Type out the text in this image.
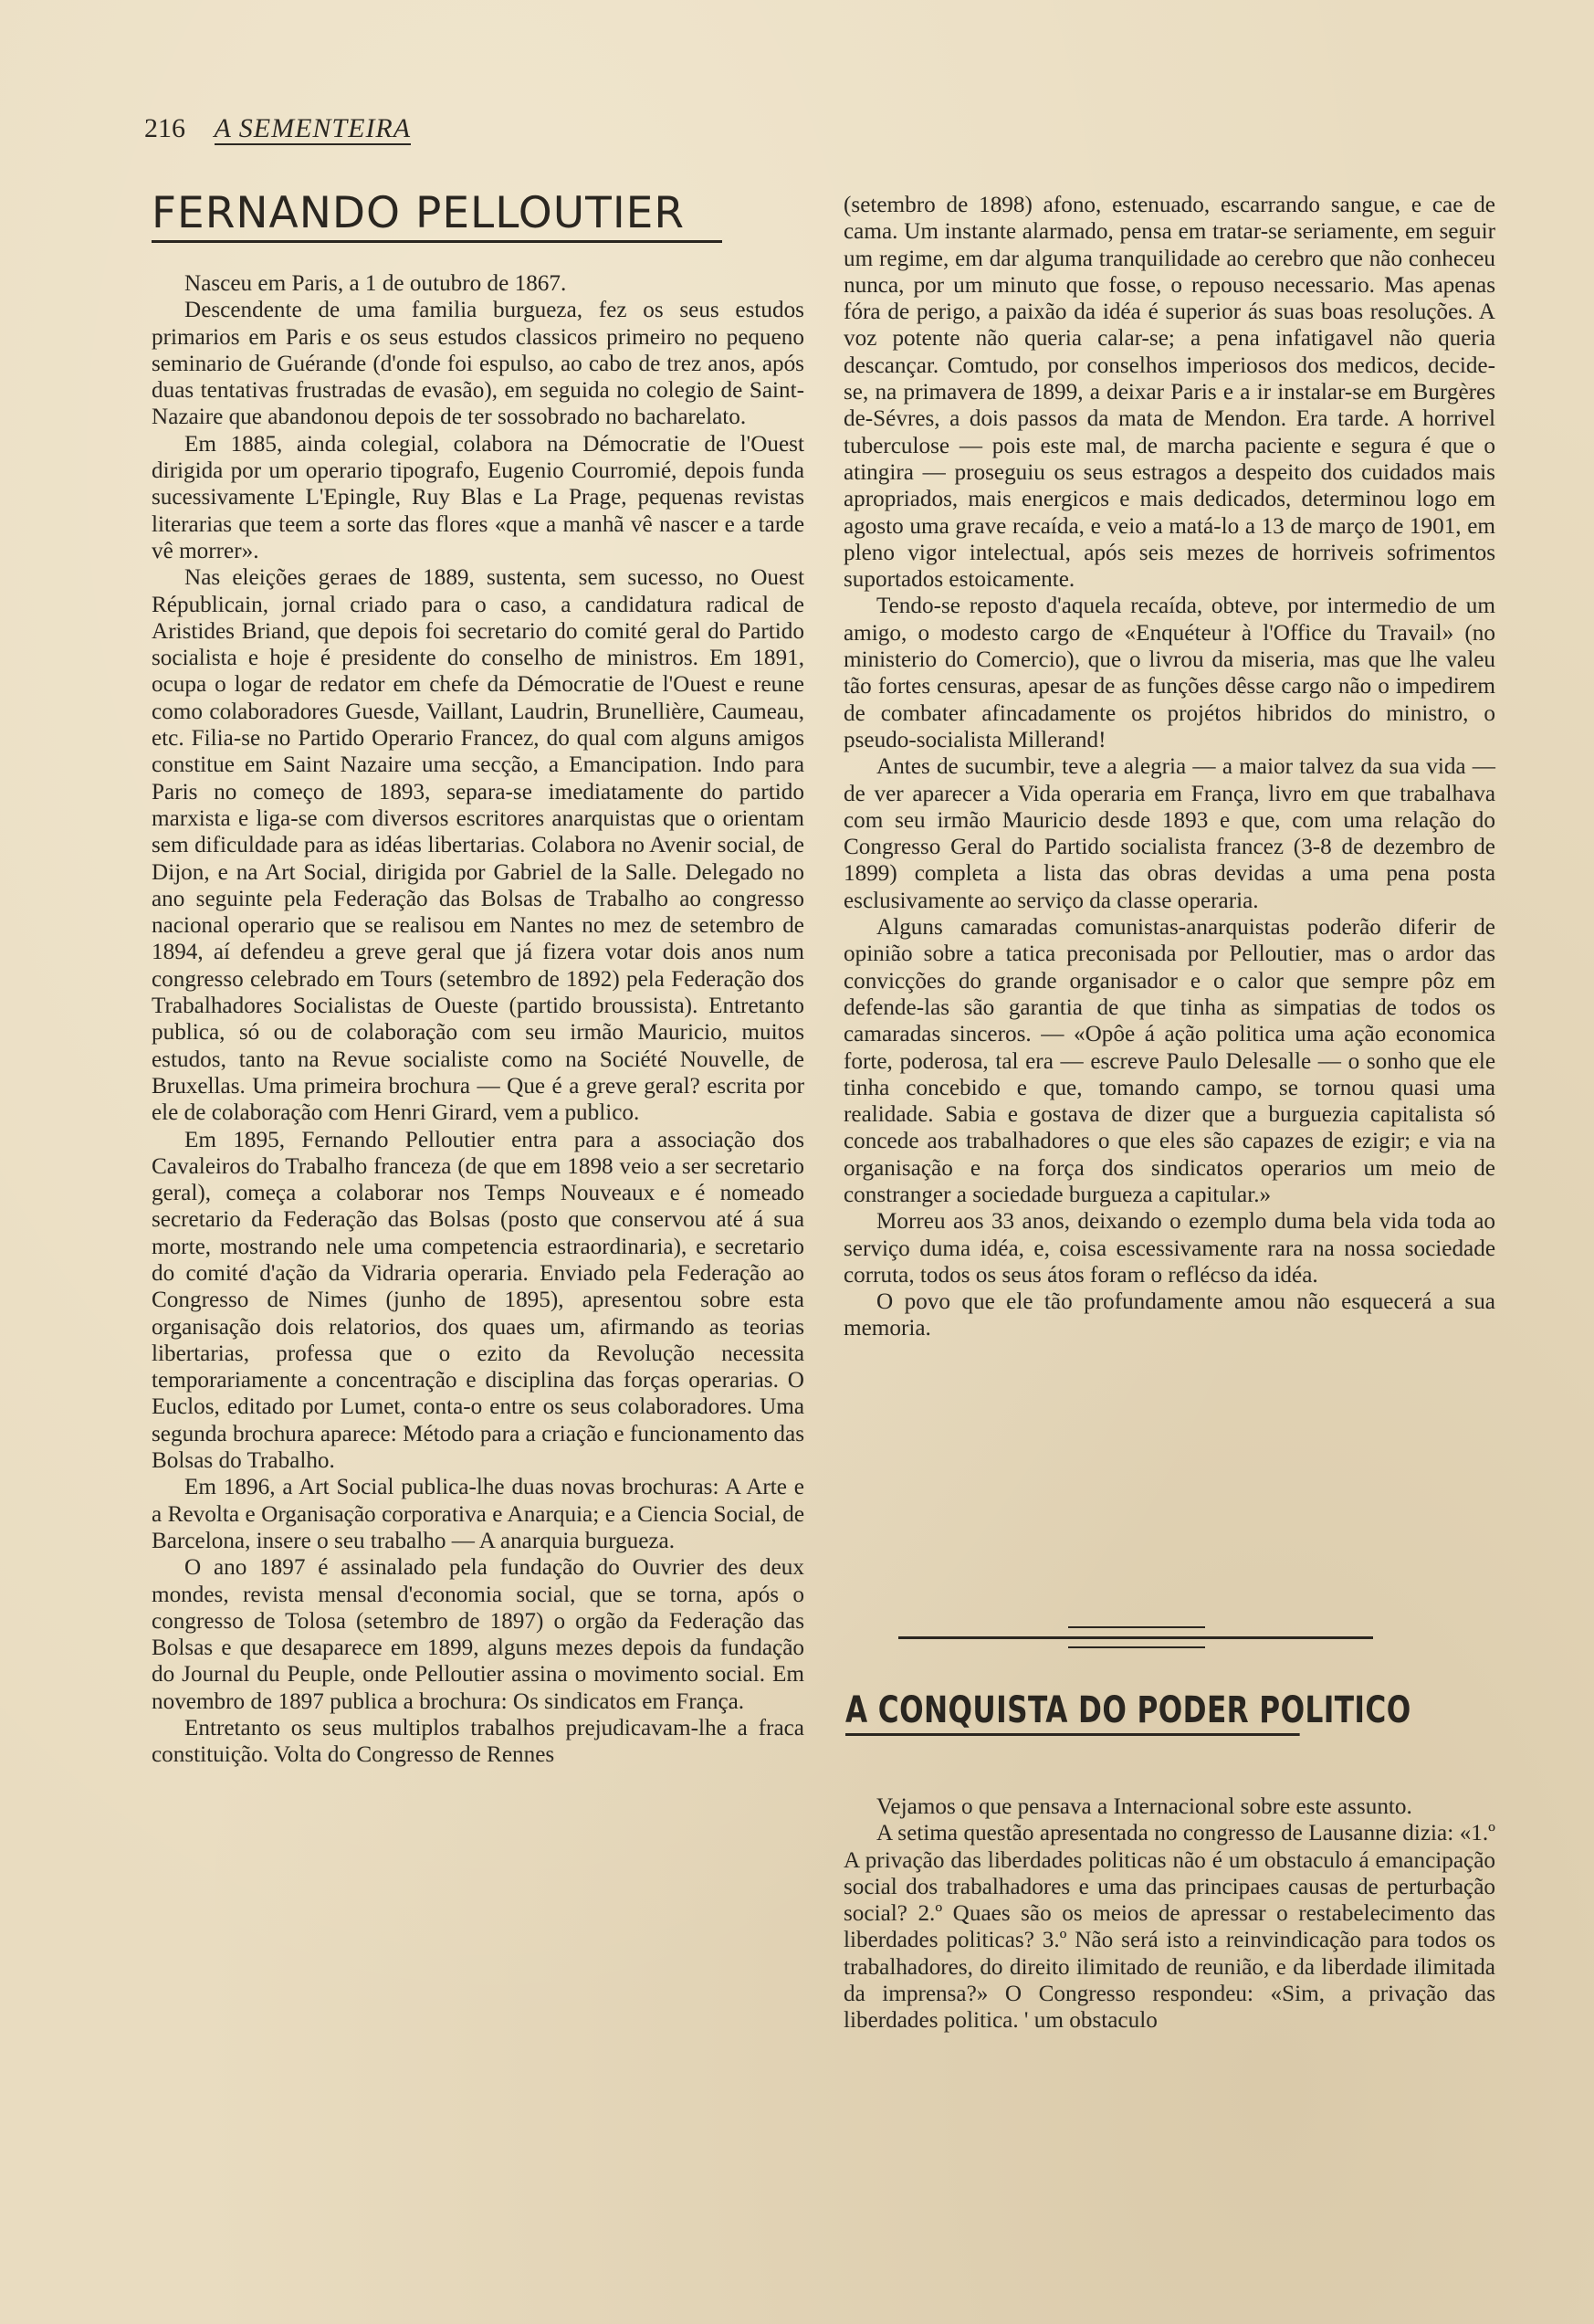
216 A SEMENTEIRA
FERNANDO PELLOUTIER

Nasceu em Paris, a 1 de outubro de 1867.

Descendente de uma familia burgueza, fez os seus estudos primarios em Paris e os seus estudos classicos primeiro no pequeno seminario de Guérande (d'onde foi espulso, ao cabo de trez anos, após duas tentativas frustradas de evasão), em seguida no colegio de Saint-Nazaire que abandonou depois de ter sossobrado no bacharelato.

Em 1885, ainda colegial, colabora na Démocratie de l'Ouest dirigida por um operario tipografo, Eugenio Courromié, depois funda sucessivamente L'Epingle, Ruy Blas e La Prage, pequenas revistas literarias que teem a sorte das flores «que a manhã vê nascer e a tarde vê morrer».

Nas eleições geraes de 1889, sustenta, sem sucesso, no Ouest Républicain, jornal criado para o caso, a candidatura radical de Aristides Briand, que depois foi secretario do comité geral do Partido socialista e hoje é presidente do conselho de ministros. Em 1891, ocupa o logar de redator em chefe da Démocratie de l'Ouest e reune como colaboradores Guesde, Vaillant, Laudrin, Brunellière, Caumeau, etc. Filia-se no Partido Operario Francez, do qual com alguns amigos constitue em Saint Nazaire uma secção, a Emancipation. Indo para Paris no começo de 1893, separa-se imediatamente do partido marxista e liga-se com diversos escritores anarquistas que o orientam sem dificuldade para as idéas libertarias. Colabora no Avenir social, de Dijon, e na Art Social, dirigida por Gabriel de la Salle. Delegado no ano seguinte pela Federação das Bolsas de Trabalho ao congresso nacional operario que se realisou em Nantes no mez de setembro de 1894, aí defendeu a greve geral que já fizera votar dois anos num congresso celebrado em Tours (setembro de 1892) pela Federação dos Trabalhadores Socialistas de Oueste (partido broussista). Entretanto publica, só ou de colaboração com seu irmão Mauricio, muitos estudos, tanto na Revue socialiste como na Société Nouvelle, de Bruxellas. Uma primeira brochura — Que é a greve geral? escrita por ele de colaboração com Henri Girard, vem a publico.

Em 1895, Fernando Pelloutier entra para a associação dos Cavaleiros do Trabalho franceza (de que em 1898 veio a ser secretario geral), começa a colaborar nos Temps Nouveaux e é nomeado secretario da Federação das Bolsas (posto que conservou até á sua morte, mostrando nele uma competencia estraordinaria), e secretario do comité d'ação da Vidraria operaria. Enviado pela Federação ao Congresso de Nimes (junho de 1895), apresentou sobre esta organisação dois relatorios, dos quaes um, afirmando as teorias libertarias, professa que o ezito da Revolução necessita temporariamente a concentração e disciplina das forças operarias. O Euclos, editado por Lumet, conta-o entre os seus colaboradores. Uma segunda brochura aparece: Método para a criação e funcionamento das Bolsas do Trabalho.

Em 1896, a Art Social publica-lhe duas novas brochuras: A Arte e a Revolta e Organisação corporativa e Anarquia; e a Ciencia Social, de Barcelona, insere o seu trabalho — A anarquia burgueza.

O ano 1897 é assinalado pela fundação do Ouvrier des deux mondes, revista mensal d'economia social, que se torna, após o congresso de Tolosa (setembro de 1897) o orgão da Federação das Bolsas e que desaparece em 1899, alguns mezes depois da fundação do Journal du Peuple, onde Pelloutier assina o movimento social. Em novembro de 1897 publica a brochura: Os sindicatos em França.

Entretanto os seus multiplos trabalhos prejudicavam-lhe a fraca constituição. Volta do Congresso de Rennes

(setembro de 1898) afono, estenuado, escarrando sangue, e cae de cama. Um instante alarmado, pensa em tratar-se seriamente, em seguir um regime, em dar alguma tranquilidade ao cerebro que não conheceu nunca, por um minuto que fosse, o repouso necessario. Mas apenas fóra de perigo, a paixão da idéa é superior ás suas boas resoluções. A voz potente não queria calar-se; a pena infatigavel não queria descançar. Comtudo, por conselhos imperiosos dos medicos, decide-se, na primavera de 1899, a deixar Paris e a ir instalar-se em Burgères de-Sévres, a dois passos da mata de Mendon. Era tarde. A horrivel tuberculose — pois este mal, de marcha paciente e segura é que o atingira — proseguiu os seus estragos a despeito dos cuidados mais apropriados, mais energicos e mais dedicados, determinou logo em agosto uma grave recaída, e veio a matá-lo a 13 de março de 1901, em pleno vigor intelectual, após seis mezes de horriveis sofrimentos suportados estoicamente.

Tendo-se reposto d'aquela recaída, obteve, por intermedio de um amigo, o modesto cargo de «Enquéteur à l'Office du Travail» (no ministerio do Comercio), que o livrou da miseria, mas que lhe valeu tão fortes censuras, apesar de as funções dêsse cargo não o impedirem de combater afincadamente os projétos hibridos do ministro, o pseudo-socialista Millerand!

Antes de sucumbir, teve a alegria — a maior talvez da sua vida — de ver aparecer a Vida operaria em França, livro em que trabalhava com seu irmão Mauricio desde 1893 e que, com uma relação do Congresso Geral do Partido socialista francez (3-8 de dezembro de 1899) completa a lista das obras devidas a uma pena posta esclusivamente ao serviço da classe operaria.

Alguns camaradas comunistas-anarquistas poderão diferir de opinião sobre a tatica preconisada por Pelloutier, mas o ardor das convicções do grande organisador e o calor que sempre pôz em defende-las são garantia de que tinha as simpatias de todos os camaradas sinceros. — «Opôe á ação politica uma ação economica forte, poderosa, tal era — escreve Paulo Delesalle — o sonho que ele tinha concebido e que, tomando campo, se tornou quasi uma realidade. Sabia e gostava de dizer que a burguezia capitalista só concede aos trabalhadores o que eles são capazes de ezigir; e via na organisação e na força dos sindicatos operarios um meio de constranger a sociedade burgueza a capitular.»

Morreu aos 33 anos, deixando o ezemplo duma bela vida toda ao serviço duma idéa, e, coisa escessivamente rara na nossa sociedade corruta, todos os seus átos foram o reflécso da idéa.

O povo que ele tão profundamente amou não esquecerá a sua memoria.

A CONQUISTA DO PODER POLITICO

Vejamos o que pensava a Internacional sobre este assunto.

A setima questão apresentada no congresso de Lausanne dizia: «1.º A privação das liberdades politicas não é um obstaculo á emancipação social dos trabalhadores e uma das principaes causas de perturbação social? 2.º Quaes são os meios de apressar o restabelecimento das liberdades politicas? 3.º Não será isto a reinvindicação para todos os trabalhadores, do direito ilimitado de reunião, e da liberdade ilimitada da imprensa?» O Congresso respondeu: «Sim, a privação das liberdades politica. ' um obstaculo
